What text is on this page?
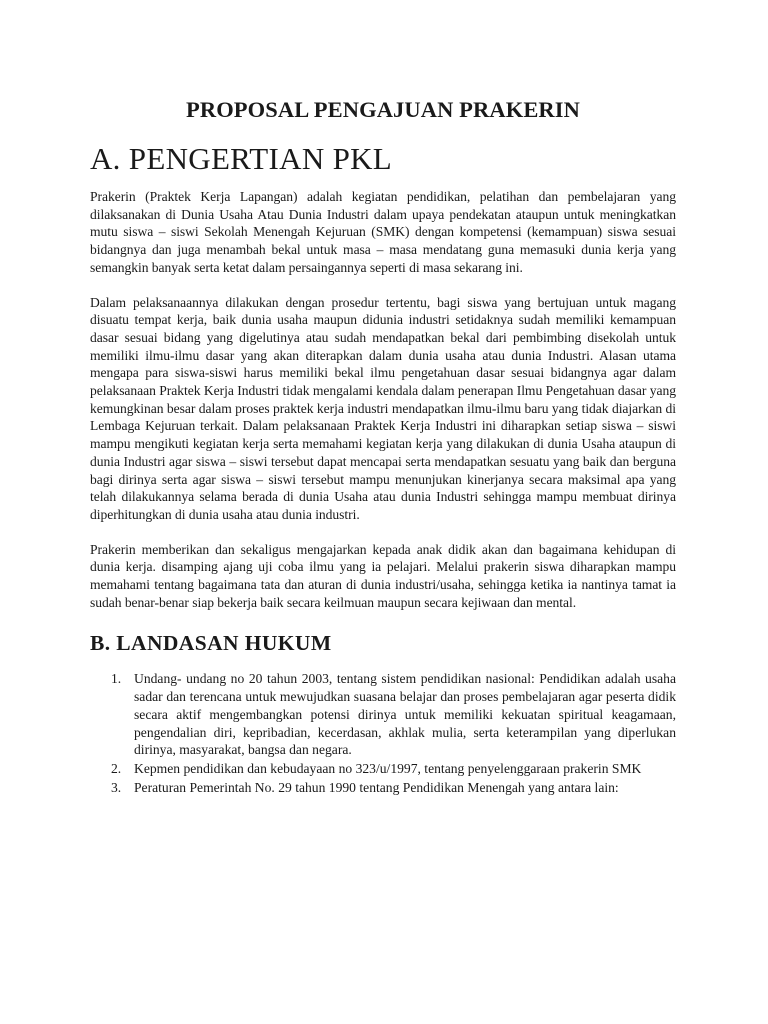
PROPOSAL PENGAJUAN PRAKERIN
A. PENGERTIAN PKL

Prakerin (Praktek Kerja Lapangan) adalah kegiatan pendidikan, pelatihan dan pembelajaran yang dilaksanakan di Dunia Usaha Atau Dunia Industri dalam upaya pendekatan ataupun untuk meningkatkan mutu siswa – siswi Sekolah Menengah Kejuruan (SMK) dengan kompetensi (kemampuan) siswa sesuai bidangnya dan juga menambah bekal untuk masa – masa mendatang guna memasuki dunia kerja yang semangkin banyak serta ketat dalam persaingannya seperti di masa sekarang ini.

Dalam pelaksanaannya dilakukan dengan prosedur tertentu, bagi siswa yang bertujuan untuk magang disuatu tempat kerja, baik dunia usaha maupun didunia industri setidaknya sudah memiliki kemampuan dasar sesuai bidang yang digelutinya atau sudah mendapatkan bekal dari pembimbing disekolah untuk memiliki ilmu-ilmu dasar yang akan diterapkan dalam dunia usaha atau dunia Industri. Alasan utama mengapa para siswa-siswi harus memiliki bekal ilmu pengetahuan dasar sesuai bidangnya agar dalam pelaksanaan Praktek Kerja Industri tidak mengalami kendala dalam penerapan Ilmu Pengetahuan dasar yang kemungkinan besar dalam proses praktek kerja industri mendapatkan ilmu-ilmu baru yang tidak diajarkan di Lembaga Kejuruan terkait. Dalam pelaksanaan Praktek Kerja Industri ini diharapkan setiap siswa – siswi mampu mengikuti kegiatan kerja serta memahami kegiatan kerja yang dilakukan di dunia Usaha ataupun di dunia Industri agar siswa – siswi tersebut dapat mencapai serta mendapatkan sesuatu yang baik dan berguna bagi dirinya serta agar siswa – siswi tersebut mampu menunjukan kinerjanya secara maksimal apa yang telah dilakukannya selama berada di dunia Usaha atau dunia Industri sehingga mampu membuat dirinya diperhitungkan di dunia usaha atau dunia industri.

Prakerin memberikan dan sekaligus mengajarkan kepada anak didik akan dan bagaimana kehidupan di dunia kerja. disamping ajang uji coba ilmu yang ia pelajari. Melalui prakerin siswa diharapkan mampu memahami tentang bagaimana tata dan aturan di dunia industri/usaha, sehingga ketika ia nantinya tamat ia sudah benar-benar siap bekerja baik secara keilmuan maupun secara kejiwaan dan mental.

B. LANDASAN HUKUM
1. Undang- undang no 20 tahun 2003, tentang sistem pendidikan nasional: Pendidikan adalah usaha sadar dan terencana untuk mewujudkan suasana belajar dan proses pembelajaran agar peserta didik secara aktif mengembangkan potensi dirinya untuk memiliki kekuatan spiritual keagamaan, pengendalian diri, kepribadian, kecerdasan, akhlak mulia, serta keterampilan yang diperlukan dirinya, masyarakat, bangsa dan negara.
2. Kepmen pendidikan dan kebudayaan no 323/u/1997, tentang penyelenggaraan prakerin SMK
3. Peraturan Pemerintah No. 29 tahun 1990 tentang Pendidikan Menengah yang antara lain:
